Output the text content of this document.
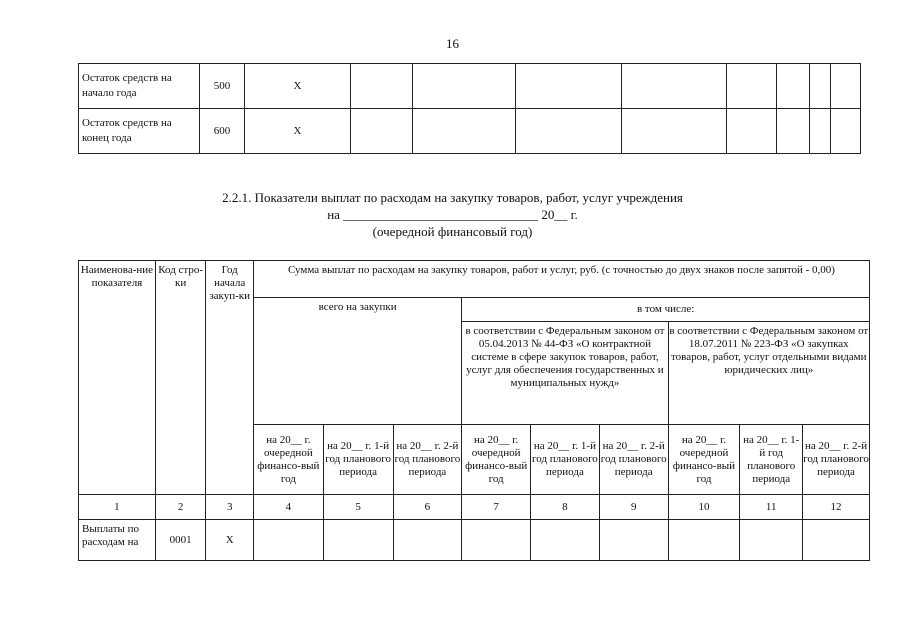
16
Остаток средств на начало года	500	X								
Остаток средств на конец года	600	X								
2.2.1. Показатели выплат по расходам на закупку товаров, работ, услуг учреждения
на ______________________________ 20__ г.
(очередной финансовый год)
Наименова-ние показателя	Код стро-ки	Год начала закуп-ки	Сумма выплат по расходам на закупку товаров, работ и услуг, руб. (с точностью до двух знаков после запятой - 0,00)								
			всего на закупки			в том числе:					
						в соответствии с Федеральным законом от 05.04.2013 № 44-ФЗ «О контрактной системе в сфере закупок товаров, работ, услуг для обеспечения государственных и муниципальных нужд»			в соответствии с Федеральным законом от 18.07.2011 № 223-ФЗ «О закупках товаров, работ, услуг отдельными видами юридических лиц»		
			на 20__ г. очередной финансо-вый год	на 20__ г. 1-й год планового периода	на 20__ г. 2-й год планового периода	на 20__ г. очередной финансо-вый год	на 20__ г. 1-й год планового периода	на 20__ г. 2-й год планового периода	на 20__ г. очередной финансо-вый год	на 20__ г. 1-й год планового периода	на 20__ г. 2-й год планового периода
1	2	3	4	5	6	7	8	9	10	11	12
Выплаты по расходам на	0001	X									
